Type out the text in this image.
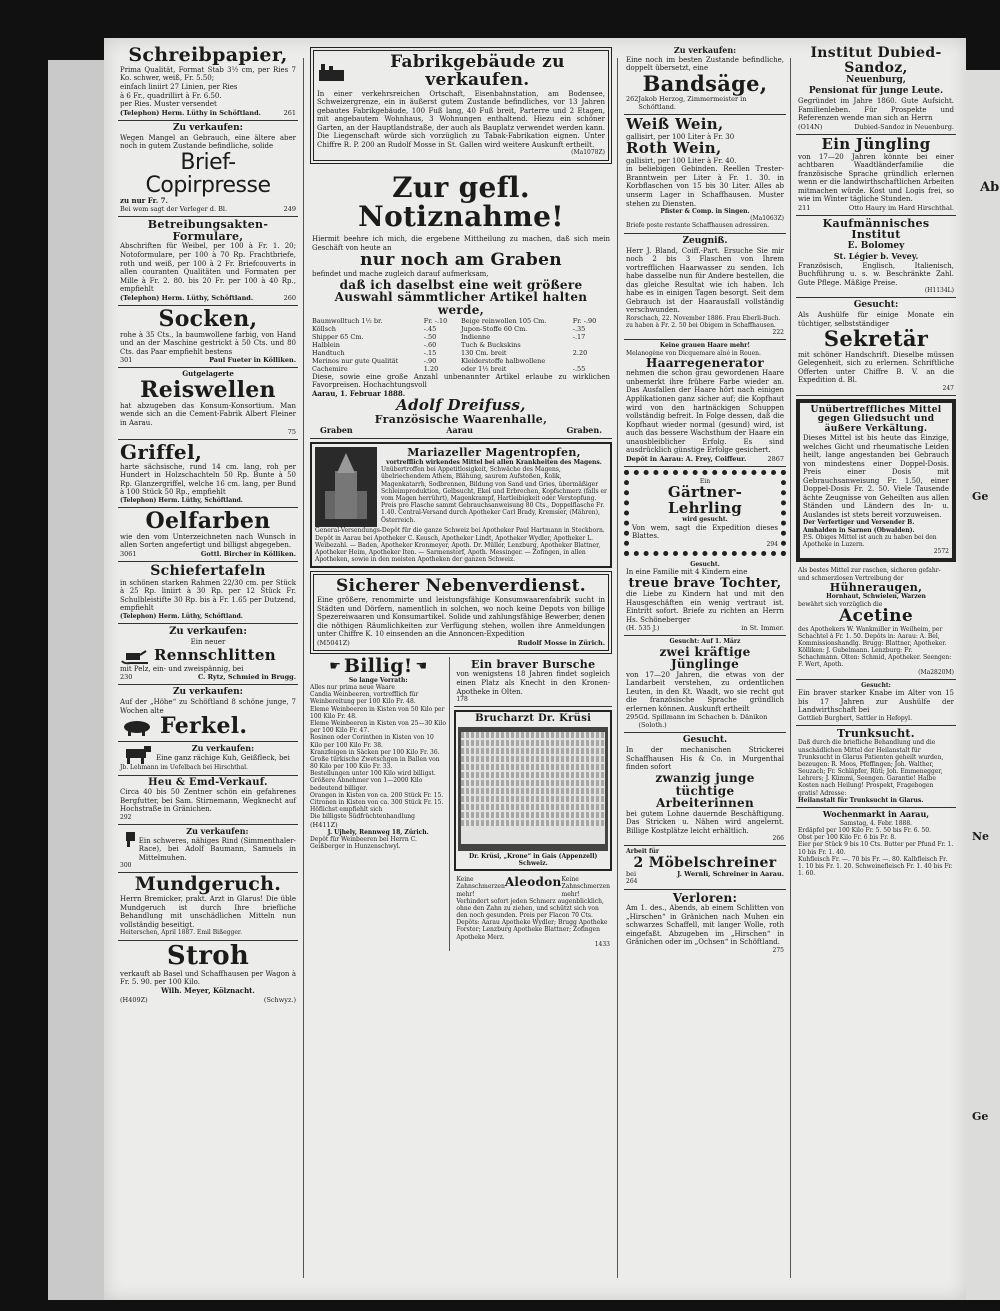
Schreibpapier,
Prima Qualität, Format Stab 3½ cm, per Ries 7 Ko. schwer, weiß, Fr. 5.50;
einfach liniirt 27 Linien, per Ries
à 6 Fr., quadrillirt à Fr. 6.50.
per Ries. Muster versendet
(Telephon) Herm. Lüthy in Schöftland.	261
Zu verkaufen:
Wegen Mangel an Gebrauch, eine ältere aber noch in gutem Zustande befindliche, solide
Brief-Copirpresse
zu nur Fr. 7.
Bei wem sagt der Verleger d. Bl.	249
Betreibungsakten-Formulare,
Abschriften für Weibel, per 100 à Fr. 1. 20; Notoformulare, per 100 à 70 Rp. Frachtbriefe, roth und weiß, per 100 à 2 Fr. Briefcouverts in allen couranten Qualitäten und Formaten per Mille à Fr. 2. 80. bis 20 Fr. per 100 à 40 Rp., empfiehlt
(Telephon) Herm. Lüthy, Schöftland.	260
Socken,
rohe à 35 Cts., la baumwollene farbig, von Hand und an der Maschine gestrickt à 50 Cts. und 80 Cts. das Paar empfiehlt bestens
301	Paul Fueter in Kölliken.
Gutgelagerte
Reiswellen
hat abzugeben das Konsum-Konsortium. Man wende sich an die Cement-Fabrik Albert Fleiner in Aarau.
75
Griffel,
harte sächsische, rund 14 cm. lang, roh per Hundert in Holzschachteln 50 Rp. Bunte à 50 Rp. Glanzergriffel, welche 16 cm. lang, per Bund à 100 Stück 50 Rp., empfiehlt
(Telephon) Herm. Lüthy, Schöftland.
Oelfarben
wie den vom Unterzeichneten nach Wunsch in allen Sorten angefertigt und billigst abgegeben.
3061	Gottl. Bircher in Kölliken.
Schiefertafeln
in schönen starken Rahmen 22/30 cm. per Stück à 25 Rp. liniirt à 30 Rp. per 12 Stück Fr. Schulbleistifte 30 Rp. bis à Fr. 1.65 per Dutzend, empfiehlt
(Telephon) Herm. Lüthy, Schöftland.
Zu verkaufen:
Ein neuer
Rennschlitten
mit Pelz, ein- und zweispännig, bei
230	C. Rytz, Schmied in Brugg.
Zu verkaufen:
Auf der „Höhe“ zu Schöftland 8 schöne junge, 7 Wochen alte
Ferkel.
Zu verkaufen:
Eine ganz rächige Kuh, Geißfleck, bei
Jb. Lehmann im Uefelbach bei Hirschthal.
Heu & Emd-Verkauf.
Circa 40 bis 50 Zentner schön ein gefahrenes Bergfutter, bei Sam. Stirnemann, Wegknecht auf Hochstraße in Gränichen.
292
Zu verkaufen:
Ein schweres, nähiges Rind (Simmenthaler-Race), bei Adolf Baumann, Samuels in Mittelmuhen.
300
Mundgeruch.
Herrn Bremicker, prakt. Arzt in Glarus! Die üble Mundgeruch ist durch Ihre briefliche Behandlung mit unschädlichen Mitteln nun vollständig beseitigt.
Heiterschen, April 1887. Emil Bißegger.
Stroh
verkauft ab Basel und Schaffhausen per Wagon à Fr. 5. 90. per 100 Kilo.
Wilh. Meyer, Kölznacht.
(H409Z)	(Schwyz.)
Fabrikgebäude zu verkaufen.
In einer verkehrsreichen Ortschaft, Eisenbahnstation, am Bodensee, Schweizergrenze, ein in äußerst gutem Zustande befindliches, vor 13 Jahren gebautes Fabrikgebäude, 100 Fuß lang, 40 Fuß breit, Parterre und 2 Etagen, mit angebautem Wohnhaus, 3 Wohnungen enthaltend. Hiezu ein schöner Garten, an der Hauptlandstraße, der auch als Bauplatz verwendet werden kann. Die Liegenschaft würde sich vorzüglich zu Tabak-Fabrikation eignen. Unter Chiffre R. P. 200 an Rudolf Mosse in St. Gallen wird weitere Auskunft ertheilt.
(Ma1078Z)
Zur gefl. Notiznahme!
Hiermit beehre ich mich, die ergebene Mittheilung zu machen, daß sich mein Geschäft von heute an
nur noch am Graben
befindet und mache zugleich darauf aufmerksam,
daß ich daselbst eine weit größere Auswahl sämmtlicher Artikel halten werde,
Baumwolltuch 1½ br.	Fr. -.10	Beige reinwollen 105 Cm.	Fr. -.90
Köllsch	-.45	Jupon-Stoffe 60 Cm.	-.35
Shipper 65 Cm.	-.50	Indienne	-.17
Halblein	-.60	Tuch & Buckskins
Handtuch	-.15	130 Cm. breit	2.20
Merinos nur gute Qualität	-.90	Kleiderstoffe halbwollene
Cachemire	1.20	oder 1½ breit	-.55
Diese, sowie eine große Anzahl unbenannter Artikel erlaube zu wirklichen Favorpreisen. Hochachtungsvoll
Aarau, 1. Februar 1888.
Adolf Dreifuss,
Französische Waarenhalle,
Graben	Aarau	Graben.
Mariazeller Magentropfen,
vortrefflich wirkendes Mittel bei allen Krankheiten des Magens.
Unübertroffen bei Appetitlosigkeit, Schwäche des Magens, übelriechendem Athem, Blähung, saurem Aufstoßen, Kolik, Magenkatarrh, Sodbrennen, Bildung von Sand und Gries, übermäßiger Schleimproduktion, Gelbsucht, Ekel und Erbrechen, Kopfschmerz (falls er vom Magen herrührt), Magenkrampf, Hartleibigkeit oder Verstopfung. Preis pro Flasche sammt Gebrauchsanweisung 80 Cts., Doppelflasche Fr. 1.40. Central-Versand durch Apotheker Carl Brady, Kremsier, (Mähren), Österreich.
General-Versendungs-Depôt für die ganze Schweiz bei Apotheker Paul Hartmann in Steckborn. Depôt in Aarau bei Apotheker C. Keusch, Apotheker Lindt, Apotheker Wydler, Apotheker L. Weibezahl. — Baden, Apotheker Kronmeyer, Apoth. Dr. Müller, Lenzburg, Apotheker Blattner, Apotheker Heim, Apotheker Iten. — Sarmenstorf, Apoth. Messinger. — Zofingen, in allen Apotheken, sowie in den meisten Apotheken der ganzen Schweiz.
Sicherer Nebenverdienst.
Eine größere, renommirte und leistungsfähige Konsumwaarenfabrik sucht in Städten und Dörfern, namentlich in solchen, wo noch keine Depots von billige Spezereiwaaren und Konsumartikel. Solide und zahlungsfähige Bewerber, denen die nöthigen Räumlichkeiten zur Verfügung stehen, wollen ihre Anmeldungen unter Chiffre K. 10 einsenden an die Annoncen-Expedition
(M5041Z)	Rudolf Mosse in Zürich.
☛ Billig! ☚
So lange Vorrath:
Alles nur prima neue Waare
Candia Weinbeeren, vortrefflich für Weinbereitung per 100 Kilo Fr. 48.
Eleme Weinbeeren in Kisten von 50 Kilo per 100 Kilo Fr. 48.
Eleme Weinbeeren in Kisten von 25—30 Kilo per 100 Kilo Fr. 47.
Rosinen oder Corinthen in Kisten von 10 Kilo per 100 Kilo Fr. 38.
Kranzfeigen in Säcken per 100 Kilo Fr. 36.
Große türkische Zwetschgen in Ballen von 80 Kilo per 100 Kilo Fr. 33.
Bestellungen unter 100 Kilo wird billigst. Größere Abnehmer von 1—2000 Kilo bedeutend billiger.
Orangen in Kisten von ca. 200 Stück Fr. 15.
Citronen in Kisten von ca. 300 Stück Fr. 15.
Höflichst empfiehlt sich
Die billigste Südfrüchtenhandlung
(H411Z)
J. Ujhely, Rennweg 18, Zürich.
Depôt für Weinbeeren bei Herrn C. Geißberger in Hunzenschwyl.
Ein braver Bursche
von wenigstens 18 Jahren findet sogleich einen Platz als Knecht in den Kronen-Apotheke in Olten.
178
Brucharzt Dr. Krüsi
Dr. Krüsi, „Krone“ in Gais (Appenzell) Schweiz.
Keine Zahnschmerzen mehr!
Aleodon Keine Zahnschmerzen mehr!
Verhindert sofort jeden Schmerz augenblicklich, ohne den Zahn zu ziehen, und schützt sich von den noch gesunden. Preis per Flacon 70 Cts. Depôts: Aarau Apotheke Wydler; Brugg Apotheke Forster; Lenzburg Apotheke Blattner; Zofingen Apotheke Merz.
1433
Zu verkaufen:
Eine noch im besten Zustande befindliche, doppelt übersetzt, eine
Bandsäge,
262 Jakob Herzog, Zimmermeister in Schöftland.
Weiß Wein,
gallisirt, per 100 Liter à Fr. 30
Roth Wein,
gallisirt, per 100 Liter à Fr. 40.
in beliebigen Gebinden. Reellen Trester-Branntwein per Liter à Fr. 1. 30. in Korbflaschen von 15 bis 30 Liter. Alles ab unserm Lager in Schaffhausen. Muster stehen zu Diensten.
Pfister & Comp. in Singen.
(Ma1063Z)
Briefe poste restante Schaffhausen adressiren.
Zeugniß.
Herr J. Bland, Coiff.-Part. Ersuche Sie mir noch 2 bis 3 Flaschen von Ihrem vortrefflichen Haarwasser zu senden. Ich habe dasselbe nun für Andere bestellen, die das gleiche Resultat wie ich haben. Ich habe es in einigen Tagen besorgt. Seit dem Gebrauch ist der Haarausfall vollständig verschwunden.
Rorschach, 22. November 1886. Frau Eberli-Buch.
zu haben à Fr. 2. 50 bei Obigem in Schaffhausen.
222
Keine grauen Haare mehr!
Melanogène von Dicquemare aîné in Rouen.
Haarregenerator
nehmen die schon grau gewordenen Haare unbemerkt ihre frühere Farbe wieder an. Das Ausfallen der Haare hört nach einigen Applikationen ganz sicher auf; die Kopfhaut wird von den hartnäckigen Schuppen vollständig befreit. In Folge dessen, daß die Kopfhaut wieder normal (gesund) wird, ist auch das bessere Wachsthum der Haare ein unausbleiblicher Erfolg. Es sind ausdrücklich günstige Erfolge gesichert.
Depôt in Aarau: A. Frey, Coiffeur.	2867
Ein
Gärtner-Lehrling
wird gesucht.
Von wem, sagt die Expedition dieses Blattes.
294
Gesucht.
In eine Familie mit 4 Kindern eine
treue brave Tochter,
die Liebe zu Kindern hat und mit den Hausgeschäften ein wenig vertraut ist. Eintritt sofort. Briefe zu richten an Herrn Hs. Schöneberger
(H. 535 J.)	in St. Immer.
Gesucht: Auf 1. März
zwei kräftige Jünglinge
von 17—20 Jahren, die etwas von der Landarbeit verstehen, zu ordentlichen Leuten, in den Kt. Waadt, wo sie recht gut die französische Sprache gründlich erlernen können. Auskunft ertheilt
295 Gd. Spillmann im Schachen b. Dänikon (Soloth.)
Gesucht.
In der mechanischen Strickerei Schaffhausen His & Co. in Murgenthal finden sofort
zwanzig junge tüchtige Arbeiterinnen
bei gutem Lohne dauernde Beschäftigung. Das Stricken u. Nähen wird angelernt. Billige Kostplätze leicht erhältlich.
266
Arbeit für
2 Möbelschreiner
bei	J. Wernli, Schreiner in Aarau.
264
Verloren:
Am 1. des., Abends, ab einem Schlitten von „Hirschen“ in Gränichen nach Muhen ein schwarzes Schaffell, mit langer Wolle, roth eingefaßt. Abzugeben im „Hirschen“ in Gränichen oder im „Ochsen“ in Schöftland.
275
Institut Dubied-Sandoz,
Neuenburg,
Pensionat für junge Leute.
Gegründet im Jahre 1860. Gute Aufsicht. Familienleben. Für Prospekte und Referenzen wende man sich an Herrn
(O14N)	Dubied-Sandoz in Neuenburg.
Ein Jüngling
von 17—20 Jahren könnte bei einer achtbaren Waadtländerfamilie die französische Sprache gründlich erlernen wenn er die landwirthschaftlichen Arbeiten mitmachen würde. Kost und Logis frei, so wie im Winter tägliche Stunden.
211	Otto Haury im Hard Hirschthal.
Kaufmännisches Institut
E. Bolomey
St. Légier b. Vevey.
Französisch, Englisch, Italienisch, Buchführung u. s. w. Beschränkte Zahl. Gute Pflege. Mäßige Preise.
(H1134L)
Gesucht:
Als Aushülfe für einige Monate ein tüchtiger, selbstständiger
Sekretär
mit schöner Handschrift. Dieselbe müssen Gelegenheit, sich zu erlernen. Schriftliche Offerten unter Chiffre B. V. an die Expedition d. Bl.
247
Unübertreffliches Mittel gegen Gliedsucht und äußere Verkältung.
Dieses Mittel ist bis heute das Einzige, welches Gicht und rheumatische Leiden heilt, lange angestanden bei Gebrauch von mindestens einer Doppel-Dosis. Preis einer Dosis mit Gebrauchsanweisung Fr. 1.50, einer Doppel-Dosis Fr. 2. 50. Viele Tausende ächte Zeugnisse von Geheilten aus allen Ständen und Ländern des In- u. Auslandes ist stets bereit vorzuweisen.
Der Verfertiger und Versender B. Amhalden in Sarnen (Obwalden).
P.S. Obiges Mittel ist auch zu haben bei den Apotheke in Luzern.
2572
Als bestes Mittel zur raschen, sicheren gefahr- und schmerzlosen Vertreibung der
Hühneraugen,
Hornhaut, Schwielen, Warzen
bewährt sich vorzüglich die
Acetine
des Apothekers W. Wankmiller in Weilheim, per Schachtel à Fr. 1. 50. Depôts in: Aarau: A. Bel, Kommissionshandlg. Brugg: Blattner, Apotheker. Kölliken: J. Gubelmann. Lenzburg: Fr. Schachmann. Olten: Schmid, Apotheker. Seengen: F. Wert, Apoth.
(Ma2820M)
Gesucht:
Ein braver starker Knabe im Alter von 15 bis 17 Jahren zur Aushülfe der Landwirthschaft bei
Gottlieb Burghert, Sattler in Hefopyl.
Trunksucht.
Daß durch die briefliche Behandlung und die unschädlichen Mittel der Heilanstalt für Trunksucht in Glarus Patienten geheilt wurden, bezeugen: R. Moos, Pfeffingen; Joh. Walther, Seuzach; Fr. Schläpfer, Rüti; Joh. Emmenegger, Lehrers; J. Kümmi, Seengen. Garantie! Halbe Kosten nach Heilung! Prospekt, Fragebogen gratis! Adresse:
Heilanstalt für Trunksucht in Glarus.
Wochenmarkt in Aarau,
Samstag, 4. Febr. 1888.
Erdäpfel per 100 Kilo Fr. 5. 50 bis Fr. 6. 50.
Obst per 100 Kilo Fr. 6 bis Fr. 8.
Eier per Stück 9 bis 10 Cts. Butter per Pfund Fr. 1. 10 bis Fr. 1. 40.
Kuhfleisch Fr. —. 70 bis Fr. —. 80. Kalbfleisch Fr. 1. 10 bis Fr. 1. 20. Schweinefleisch Fr. 1. 40 bis Fr. 1. 60.
Ab
Ge
Ne
Ge
